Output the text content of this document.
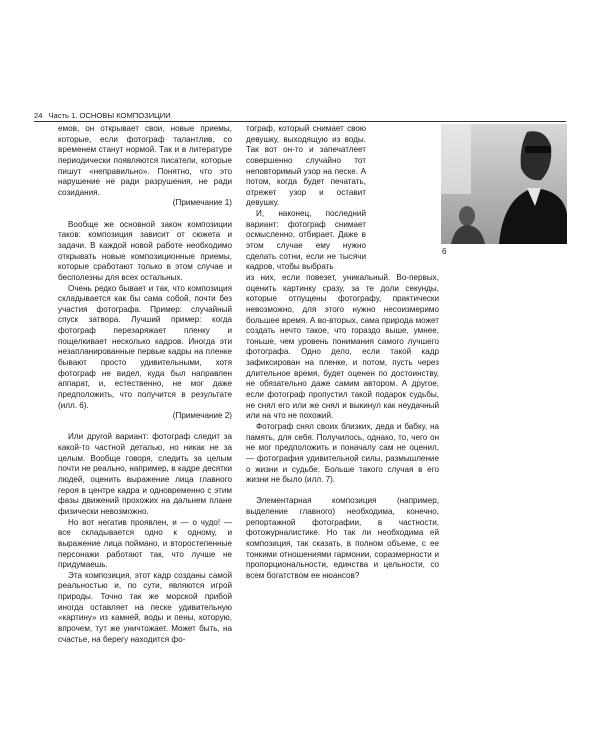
24 Часть 1. ОСНОВЫ КОМПОЗИЦИИ

емов, он открывает свои, новые приемы, которые, если фотограф талантлив, со временем станут нормой. Так и в литературе периодически появляются писатели, которые пишут «неправильно». Понятно, что это нарушение не ради разрушения, не ради созидания.

(Примечание 1)

Вообще же основной закон композиции таков: композиция зависит от сюжета и задачи. В каждой новой работе необходимо открывать новые композиционные приемы, которые сработают только в этом случае и бесполезны для всех остальных.

Очень редко бывает и так, что композиция складывается как бы сама собой, почти без участия фотографа. Пример: случайный спуск затвора. Лучший пример: когда фотограф перезаряжает пленку и пощелкивает несколько кадров. Иногда эти незапланированные первые кадры на пленке бывают просто удивительными, хотя фотограф не видел, куда был направлен аппарат, и, естественно, не мог даже предположить, что получится в результате (илл. 6).

(Примечание 2)

Или другой вариант: фотограф следит за какой-то частной деталью, но никак не за целым. Вообще говоря, следить за целым почти не реально, например, в кадре десятки людей, оценить выражение лица главного героя в центре кадра и одновременно с этим фазы движений прохожих на дальнем плане физически невозможно.

Но вот негатив проявлен, и — о чудо! — все складывается одно к одному, и выражение лица поймано, и второстепенные персонажи работают так, что лучше не придумаешь.

Эта композиция, этот кадр созданы самой реальностью и, по сути, являются игрой природы. Точно так же морской прибой иногда оставляет на песке удивительную «картину» из камней, воды и пены, которую, впрочем, тут же уничтожает. Может быть, на счастье, на берегу находится фо-

тограф, который снимает свою девушку, выходящую из воды. Так вот он-то и запечатлеет совершенно случайно тот неповторимый узор на песке. А потом, когда будет печатать, отрежет узор и оставит девушку.

И, наконец, последний вариант: фотограф снимает осмысленно, отбирает. Даже в этом случае ему нужно сделать сотни, если не тысячи кадров, чтобы выбрать

из них, если повезет, уникальный. Во-первых, оценить картинку сразу, за те доли секунды, которые отпущены фотографу, практически невозможно, для этого нужно несоизмеримо большее время. А во-вторых, сама природа может создать нечто такое, что гораздо выше, умнее, тоньше, чем уровень понимания самого лучшего фотографа. Одно дело, если такой кадр зафиксирован на пленке, и потом, пусть через длительное время, будет оценен по достоинству, не обязательно даже самим автором. А другое, если фотограф пропустил такой подарок судьбы, не снял его или же снял и выкинул как неудачный или на что не похожий.

Фотограф снял своих близких, деда и бабку, на память, для себя. Получилось, однако, то, чего он не мог предположить и поначалу сам не оценил, — фотография удивительной силы, размышление о жизни и судьбе. Больше такого случая в его жизни не было (илл. 7).

Элементарная композиция (например, выделение главного) необходима, конечно, репортажной фотографии, в частности, фотожурналистике. Но так ли необходима ей композиция, так сказать, в полном объеме, с ее тонкими отношениями гармонии, соразмерности и пропорциональности, единства и цельности, со всем богатством ее нюансов?

6
